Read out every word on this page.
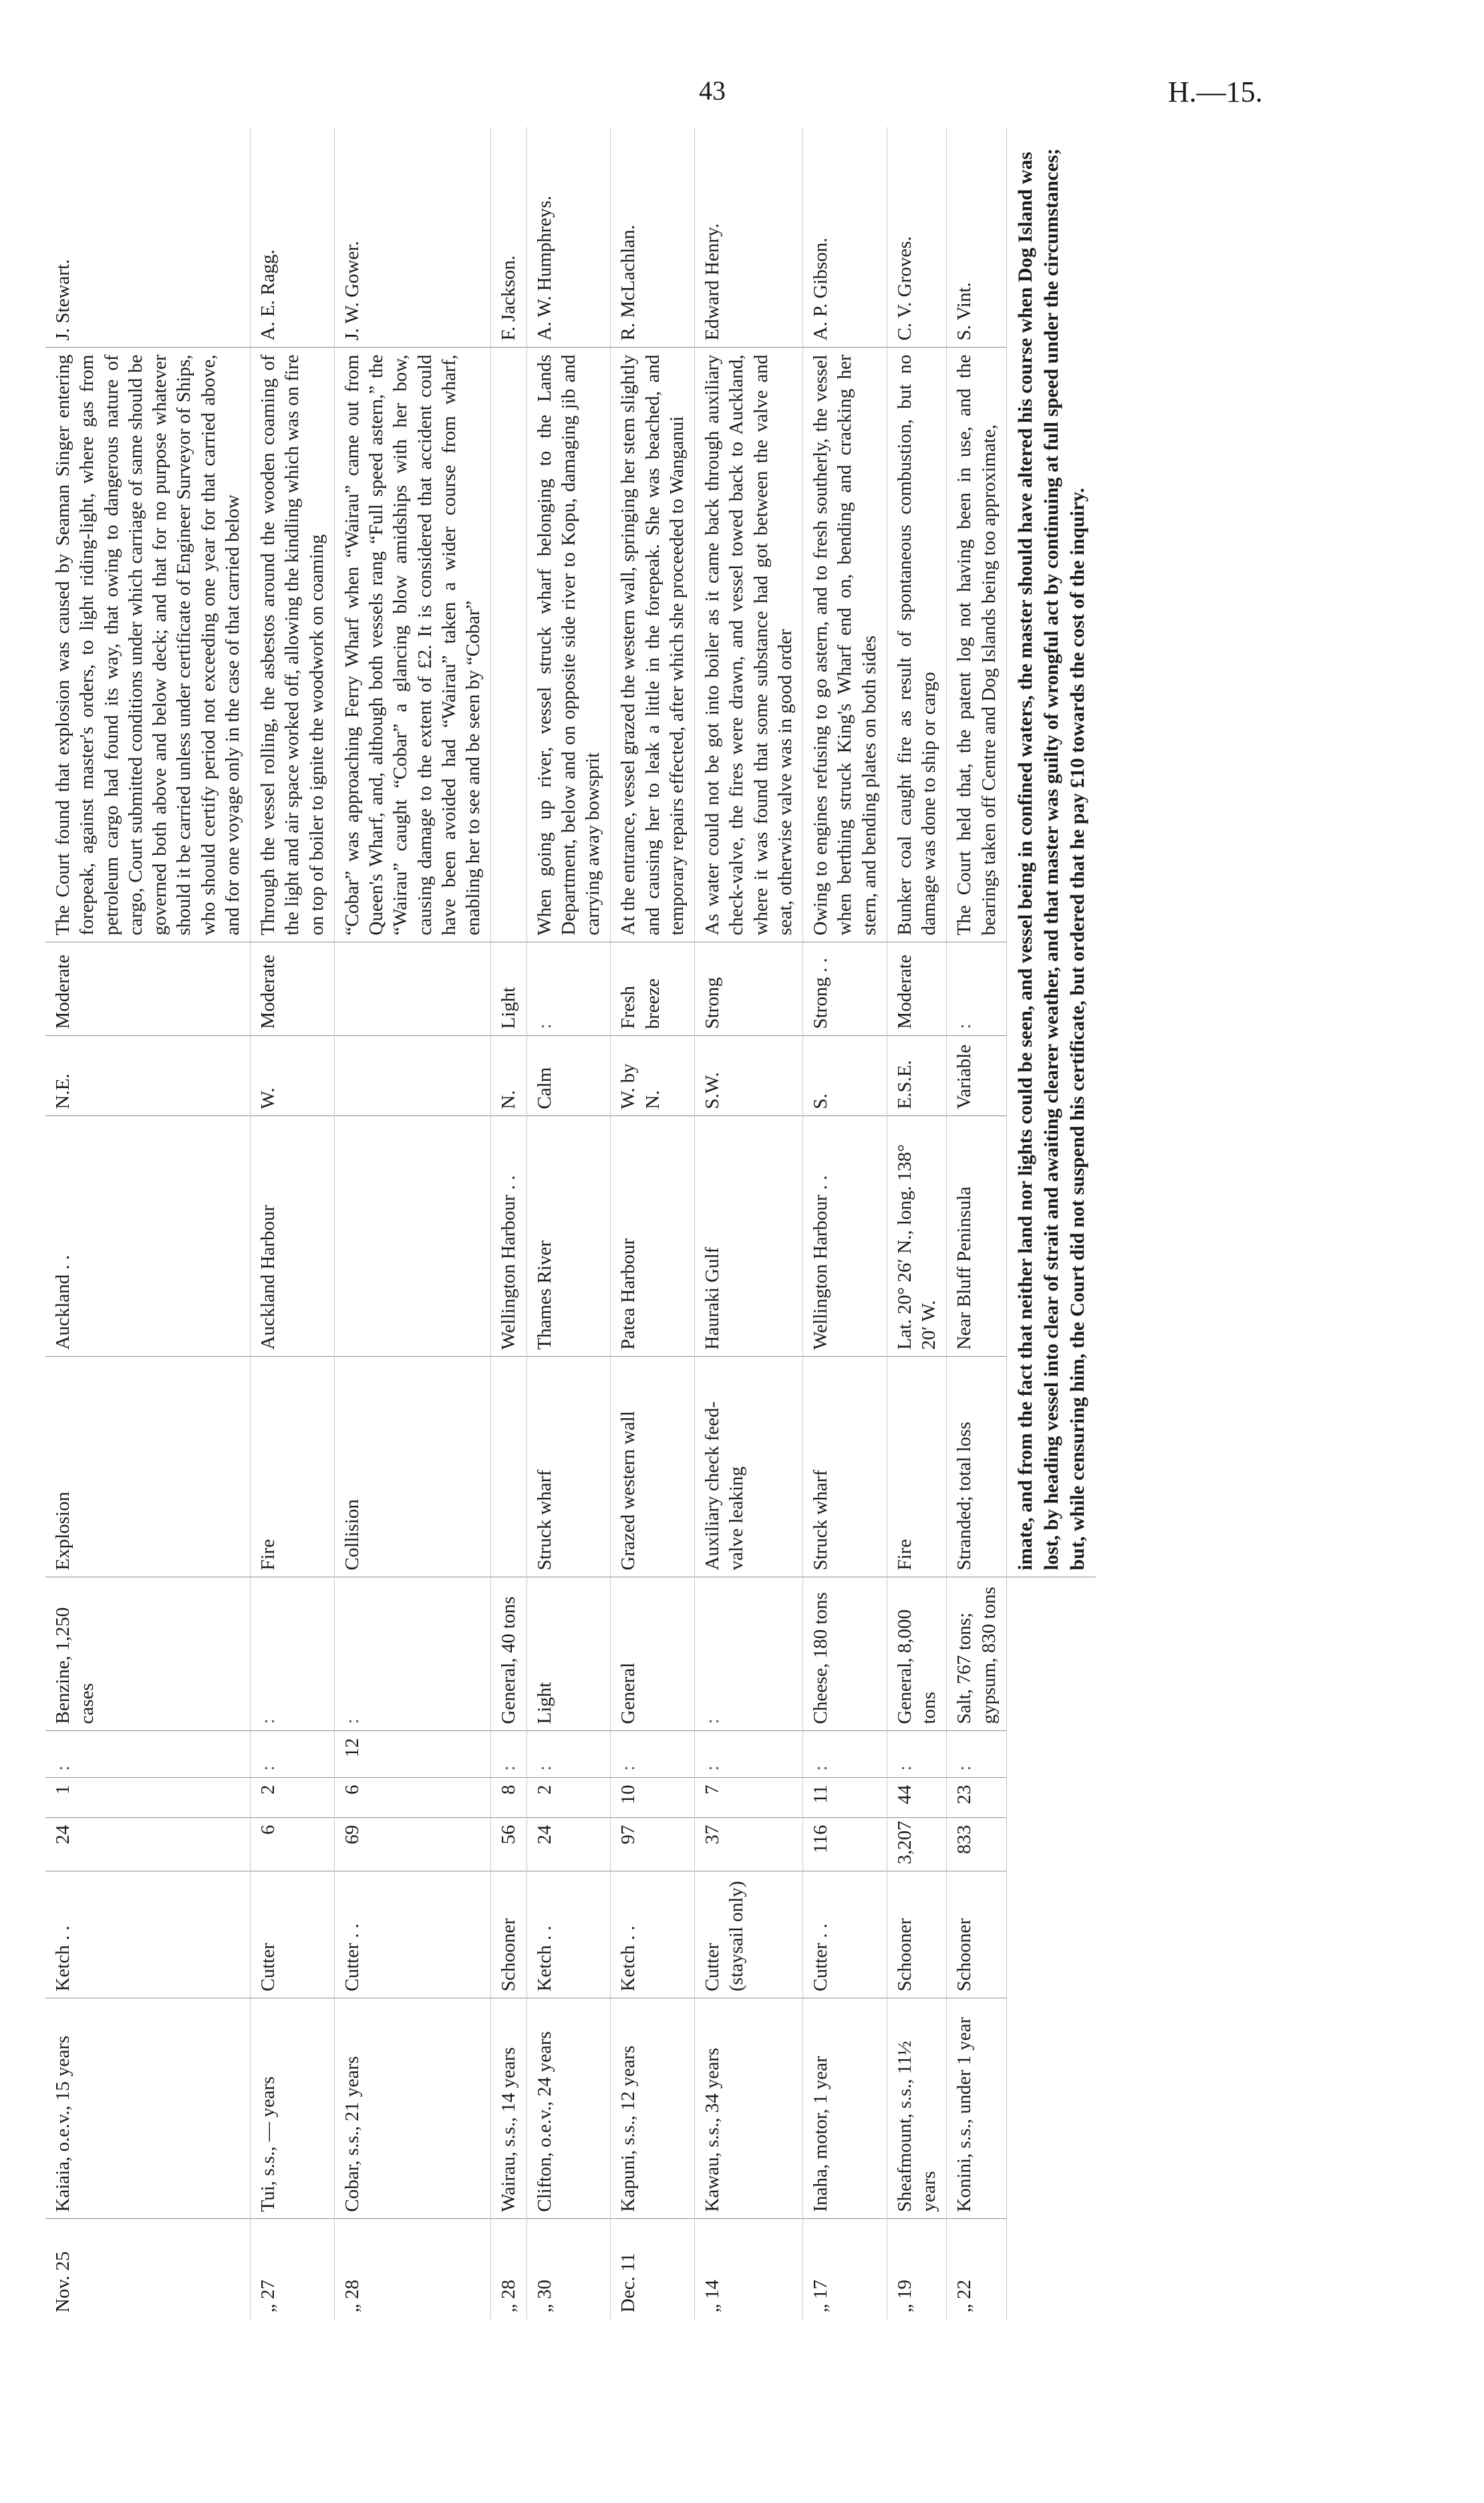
43	H.—15.
Nov. 25	Kaiaia, o.e.v., 15 years	Ketch . .	24	1	:	Benzine, 1,250 cases	Explosion	Auckland . .	N.E.	Moderate	The Court found that explosion was caused by Seaman Singer entering forepeak, against master's orders, to light riding-light, where gas from petroleum cargo had found its way, that owing to dangerous nature of cargo, Court submitted conditions under which carriage of same should be governed both above and below deck; and that for no purpose whatever should it be carried unless under certificate of Engineer Surveyor of Ships, who should certify period not exceeding one year for that carried above, and for one voyage only in the case of that carried below	J. Stewart.
„ 27	Tui, s.s., — years	Cutter	6	2	:	:	Fire	Auckland Harbour	W.	Moderate	Through the vessel rolling, the asbestos around the wooden coaming of the light and air space worked off, allowing the kindling which was on fire on top of boiler to ignite the woodwork on coaming	A. E. Ragg.
„ 28	Cobar, s.s., 21 years	Cutter . .	69	6	12	:	Collision				“Cobar” was approaching Ferry Wharf when “Wairau” came out from Queen's Wharf, and, although both vessels rang “Full speed astern,” the “Wairau” caught “Cobar” a glancing blow amidships with her bow, causing damage to the extent of £2. It is considered that accident could have been avoided had “Wairau” taken a wider course from wharf, enabling her to see and be seen by “Cobar”	J. W. Gower.
„ 28	Wairau, s.s., 14 years	Schooner	56	8	:	General, 40 tons		Wellington Harbour . .	N.	Light		F. Jackson.
„ 30	Clifton, o.e.v., 24 years	Ketch . .	24	2	:	Light	Struck wharf	Thames River	Calm	:	When going up river, vessel struck wharf belonging to the Lands Department, below and on opposite side river to Kopu, damaging jib and carrying away bowsprit	A. W. Humphreys.
Dec. 11	Kapuni, s.s., 12 years	Ketch . .	97	10	:	General	Grazed western wall	Patea Harbour	W. by N.	Fresh breeze	At the entrance, vessel grazed the western wall, springing her stem slightly and causing her to leak a little in the forepeak. She was beached, and temporary repairs effected, after which she proceeded to Wanganui	R. McLachlan.
„ 14	Kawau, s.s., 34 years	Cutter (staysail only)	37	7	:	:	Auxiliary check feed-valve leaking	Hauraki Gulf	S.W.	Strong	As water could not be got into boiler as it came back through auxiliary check-valve, the fires were drawn, and vessel towed back to Auckland, where it was found that some substance had got between the valve and seat, otherwise valve was in good order	Edward Henry.
„ 17	Inaha, motor, 1 year	Cutter . .	116	11	:	Cheese, 180 tons	Struck wharf	Wellington Harbour . .	S.	Strong . .	Owing to engines refusing to go astern, and to fresh southerly, the vessel when berthing struck King's Wharf end on, bending and cracking her stern, and bending plates on both sides	A. P. Gibson.
„ 19	Sheafmount, s.s., 11½ years	Schooner	3,207	44	:	General, 8,000 tons	Fire	Lat. 20° 26′ N., long. 138° 20′ W.	E.S.E.	Moderate	Bunker coal caught fire as result of spontaneous combustion, but no damage was done to ship or cargo	C. V. Groves.
„ 22	Konini, s.s., under 1 year	Schooner	833	23	:	Salt, 767 tons; gypsum, 830 tons	Stranded; total loss	Near Bluff Peninsula	Variable	:	The Court held that, the patent log not having been in use, and the bearings taken off Centre and Dog Islands being too approximate,	S. Vint.
							imate, and from the fact that neither land nor lights could be seen, and vessel being in confined waters, the master should have altered his course when Dog Island was lost, by heading vessel into clear of strait and awaiting clearer weather, and that master was guilty of wrongful act by continuing at full speed under the circumstances; but, while censuring him, the Court did not suspend his certificate, but ordered that he pay £10 towards the cost of the inquiry.					
